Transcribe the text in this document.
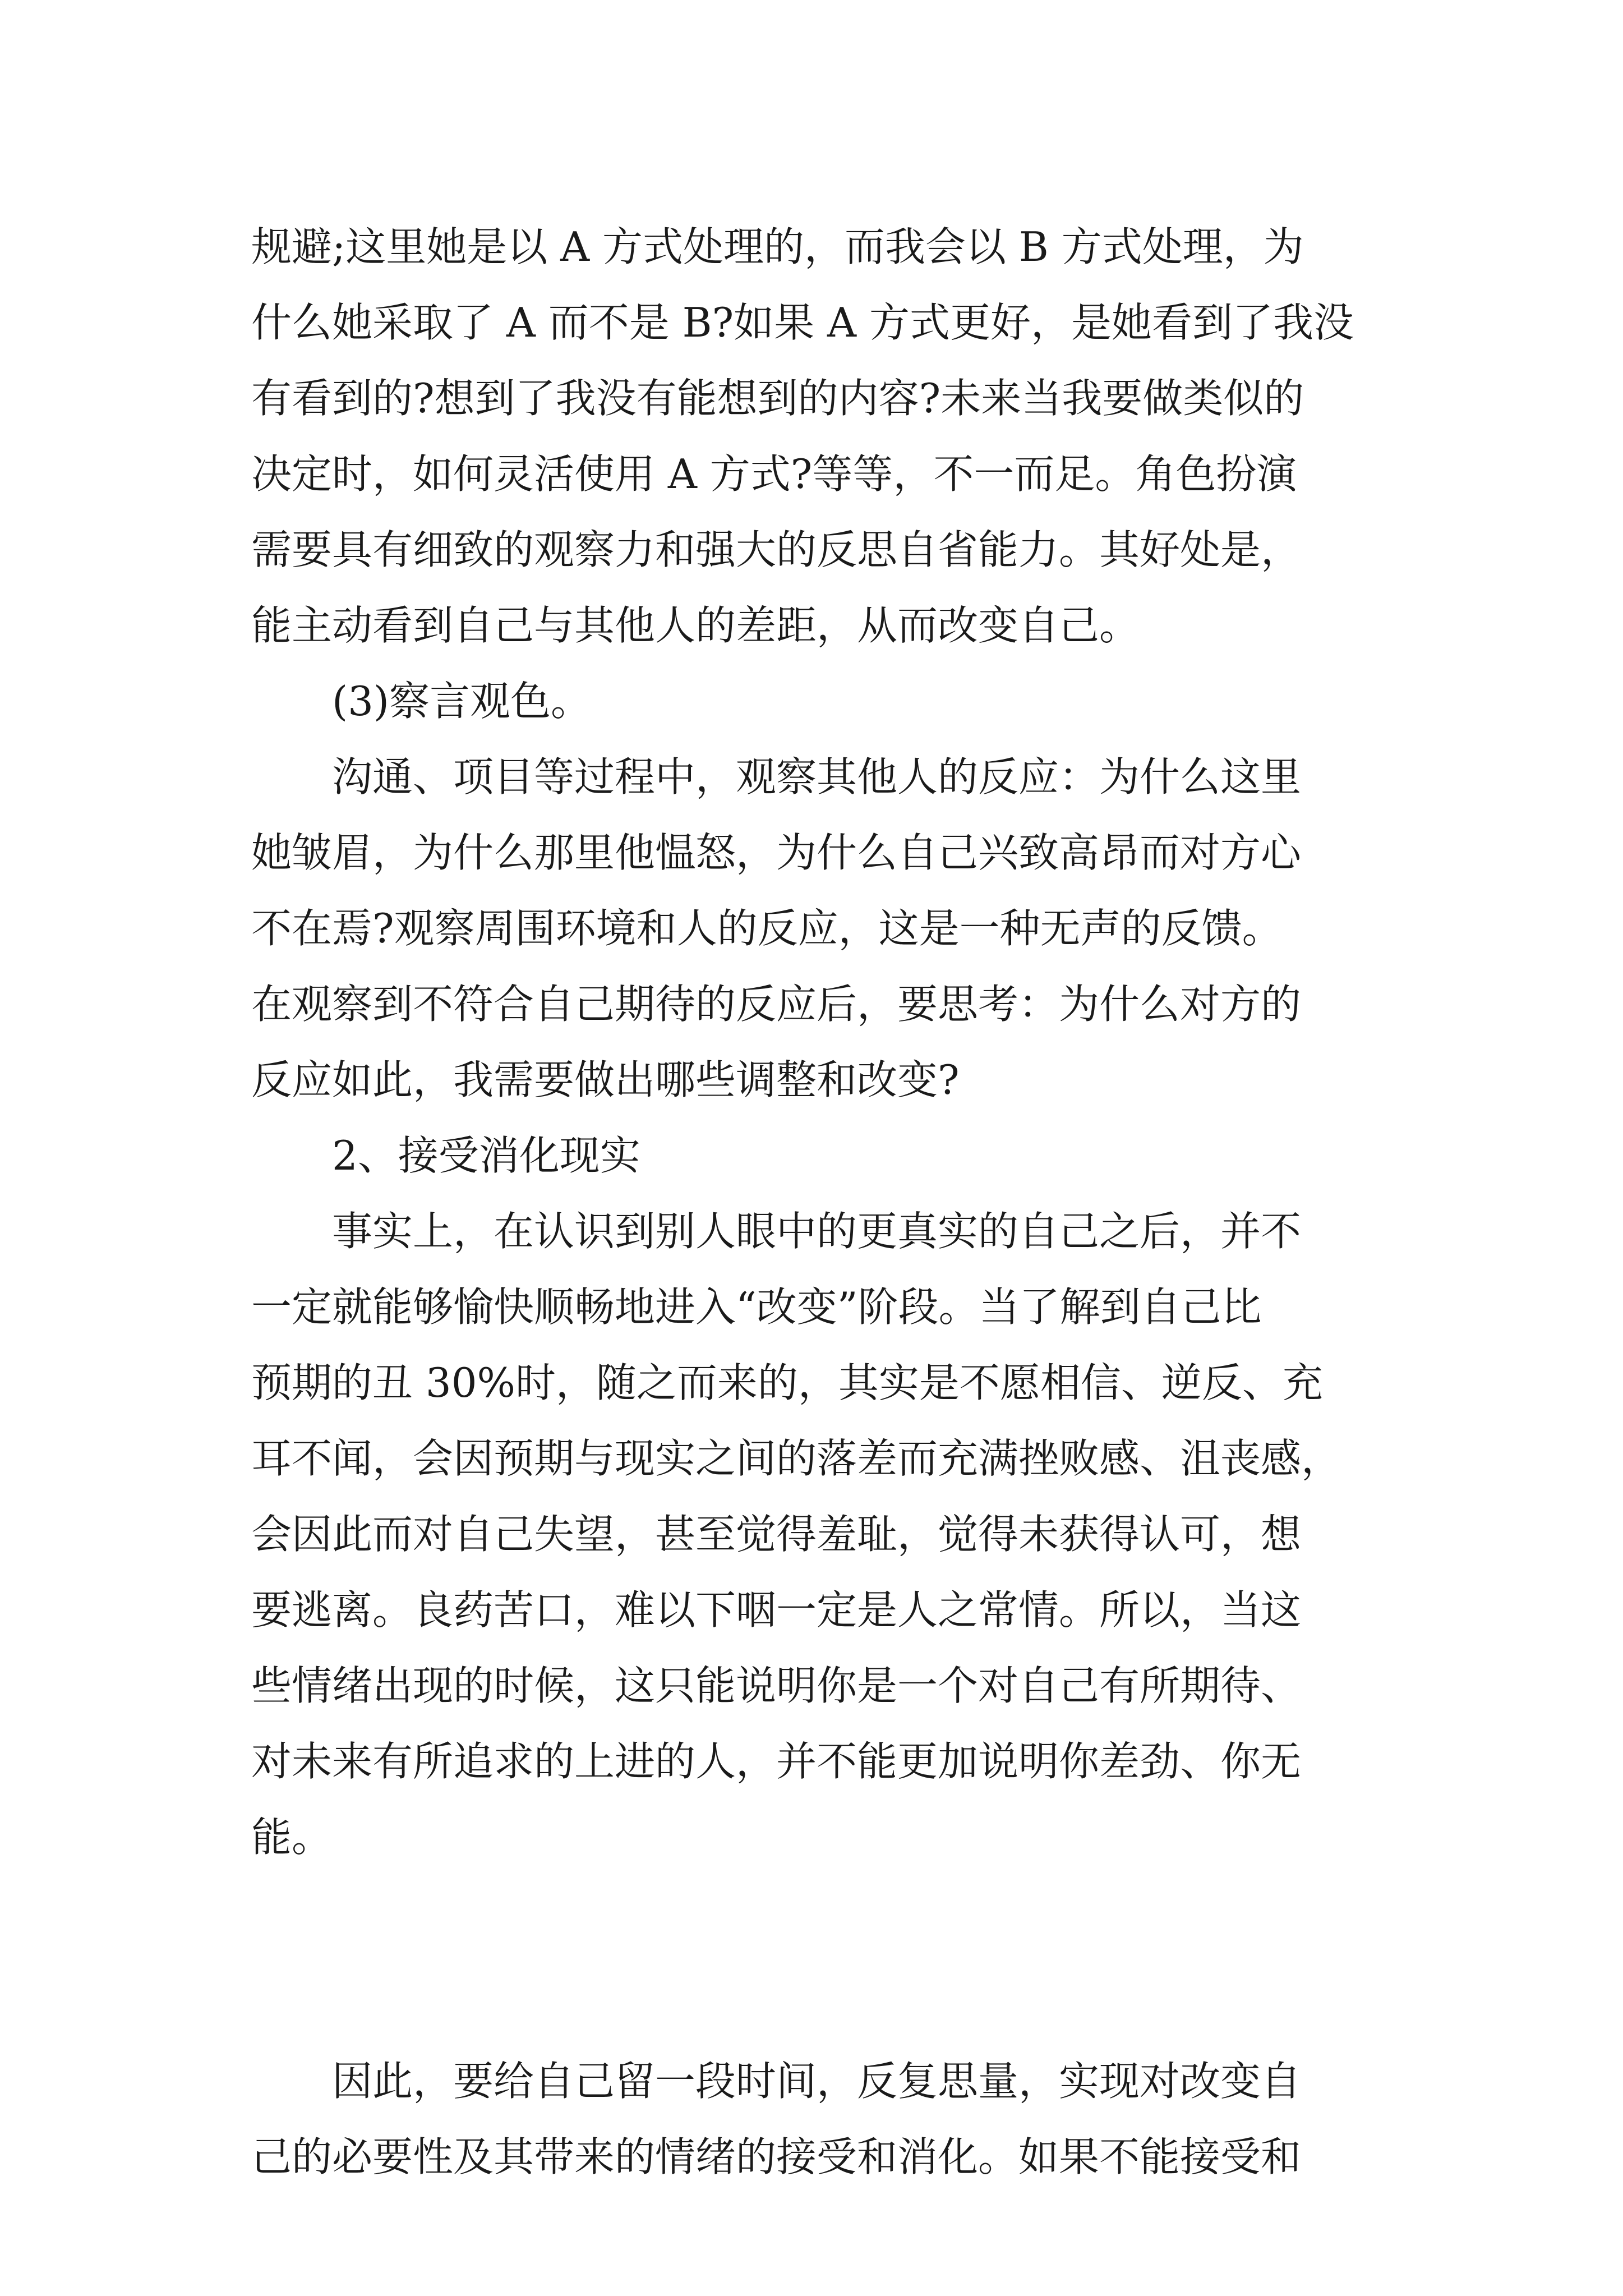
规避;这里她是以 A 方式处理的，而我会以 B 方式处理，为
什么她采取了 A 而不是 B?如果 A 方式更好，是她看到了我没
有看到的?想到了我没有能想到的内容?未来当我要做类似的
决定时，如何灵活使用 A 方式?等等，不一而足。角色扮演
需要具有细致的观察力和强大的反思自省能力。其好处是，
能主动看到自己与其他人的差距，从而改变自己。
(3)察言观色。
沟通、项目等过程中，观察其他人的反应：为什么这里
她皱眉，为什么那里他愠怒，为什么自己兴致高昂而对方心
不在焉?观察周围环境和人的反应，这是一种无声的反馈。
在观察到不符合自己期待的反应后，要思考：为什么对方的
反应如此，我需要做出哪些调整和改变?
2、接受消化现实
事实上，在认识到别人眼中的更真实的自己之后，并不
一定就能够愉快顺畅地进入“改变”阶段。当了解到自己比
预期的丑 30%时，随之而来的，其实是不愿相信、逆反、充
耳不闻，会因预期与现实之间的落差而充满挫败感、沮丧感，
会因此而对自己失望，甚至觉得羞耻，觉得未获得认可，想
要逃离。良药苦口，难以下咽一定是人之常情。所以，当这
些情绪出现的时候，这只能说明你是一个对自己有所期待、
对未来有所追求的上进的人，并不能更加说明你差劲、你无
能。
因此，要给自己留一段时间，反复思量，实现对改变自
己的必要性及其带来的情绪的接受和消化。如果不能接受和
